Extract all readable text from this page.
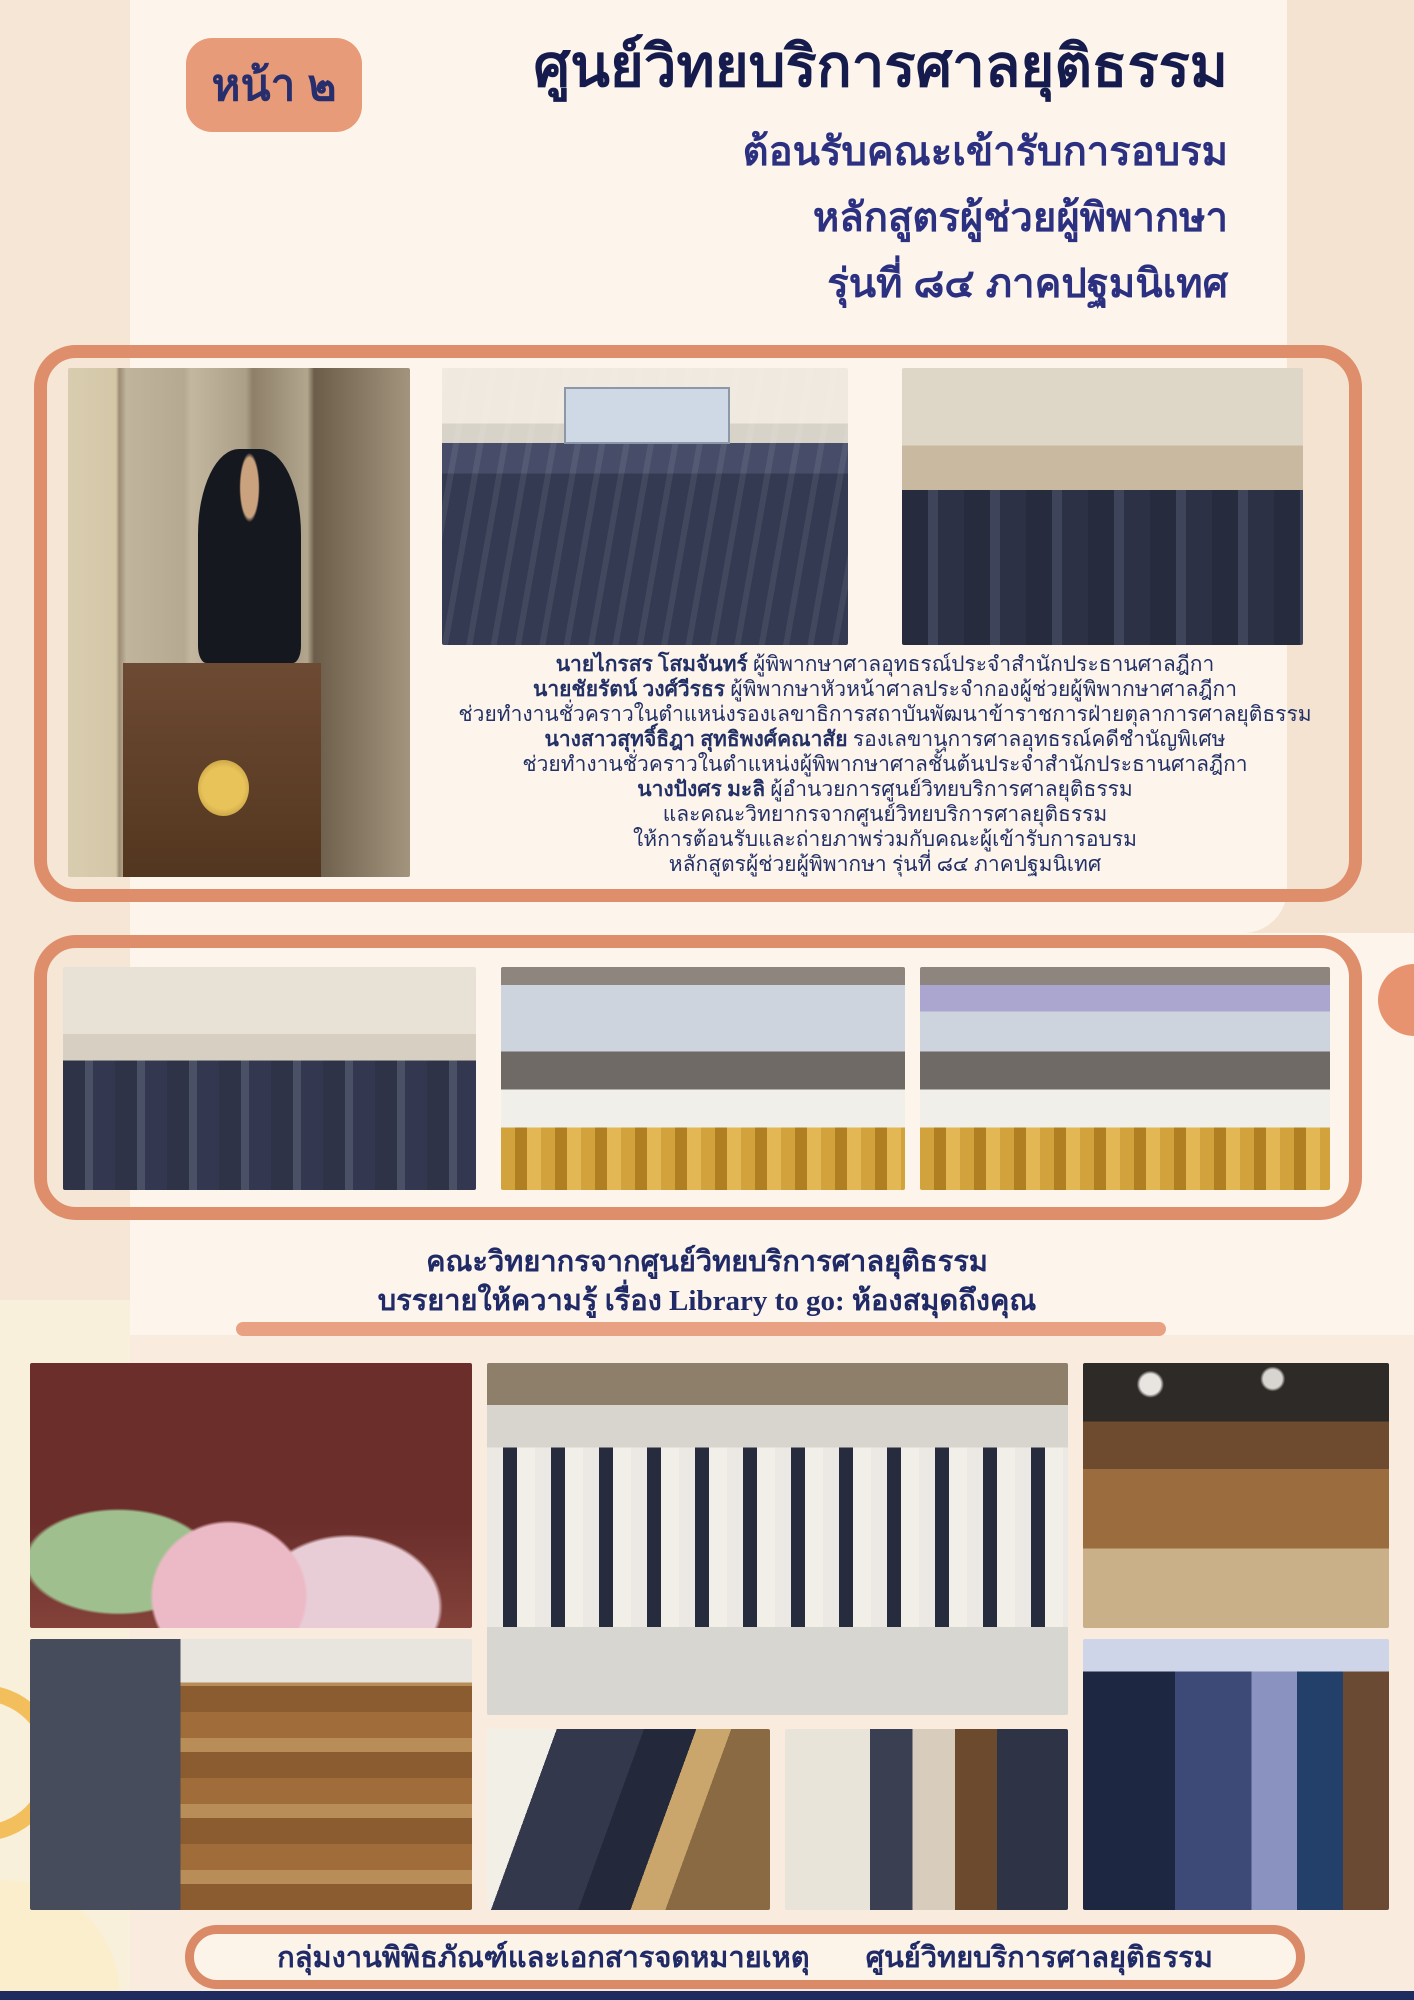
หน้า ๒	ศูนย์วิทยบริการศาลยุติธรรม
ต้อนรับคณะเข้ารับการอบรม
หลักสูตรผู้ช่วยผู้พิพากษา
รุ่นที่ ๘๔ ภาคปฐมนิเทศ
นายไกรสร โสมจันทร์ ผู้พิพากษาศาลอุทธรณ์ประจำสำนักประธานศาลฎีกา
นายชัยรัตน์ วงศ์วีรธร ผู้พิพากษาหัวหน้าศาลประจำกองผู้ช่วยผู้พิพากษาศาลฎีกา
ช่วยทำงานชั่วคราวในตำแหน่งรองเลขาธิการสถาบันพัฒนาข้าราชการฝ่ายตุลาการศาลยุติธรรม
นางสาวสุทจิ์ธิฎา สุทธิพงศ์คณาสัย รองเลขานุการศาลอุทธรณ์คดีชำนัญพิเศษ
ช่วยทำงานชั่วคราวในตำแหน่งผู้พิพากษาศาลชั้นต้นประจำสำนักประธานศาลฎีกา
นางปังศร มะลิ ผู้อำนวยการศูนย์วิทยบริการศาลยุติธรรม
และคณะวิทยากรจากศูนย์วิทยบริการศาลยุติธรรม
ให้การต้อนรับและถ่ายภาพร่วมกับคณะผู้เข้ารับการอบรม
หลักสูตรผู้ช่วยผู้พิพากษา รุ่นที่ ๘๔ ภาคปฐมนิเทศ
คณะวิทยากรจากศูนย์วิทยบริการศาลยุติธรรม
บรรยายให้ความรู้ เรื่อง Library to go: ห้องสมุดถึงคุณ
กลุ่มงานพิพิธภัณฑ์และเอกสารจดหมายเหตุ ศูนย์วิทยบริการศาลยุติธรรม
